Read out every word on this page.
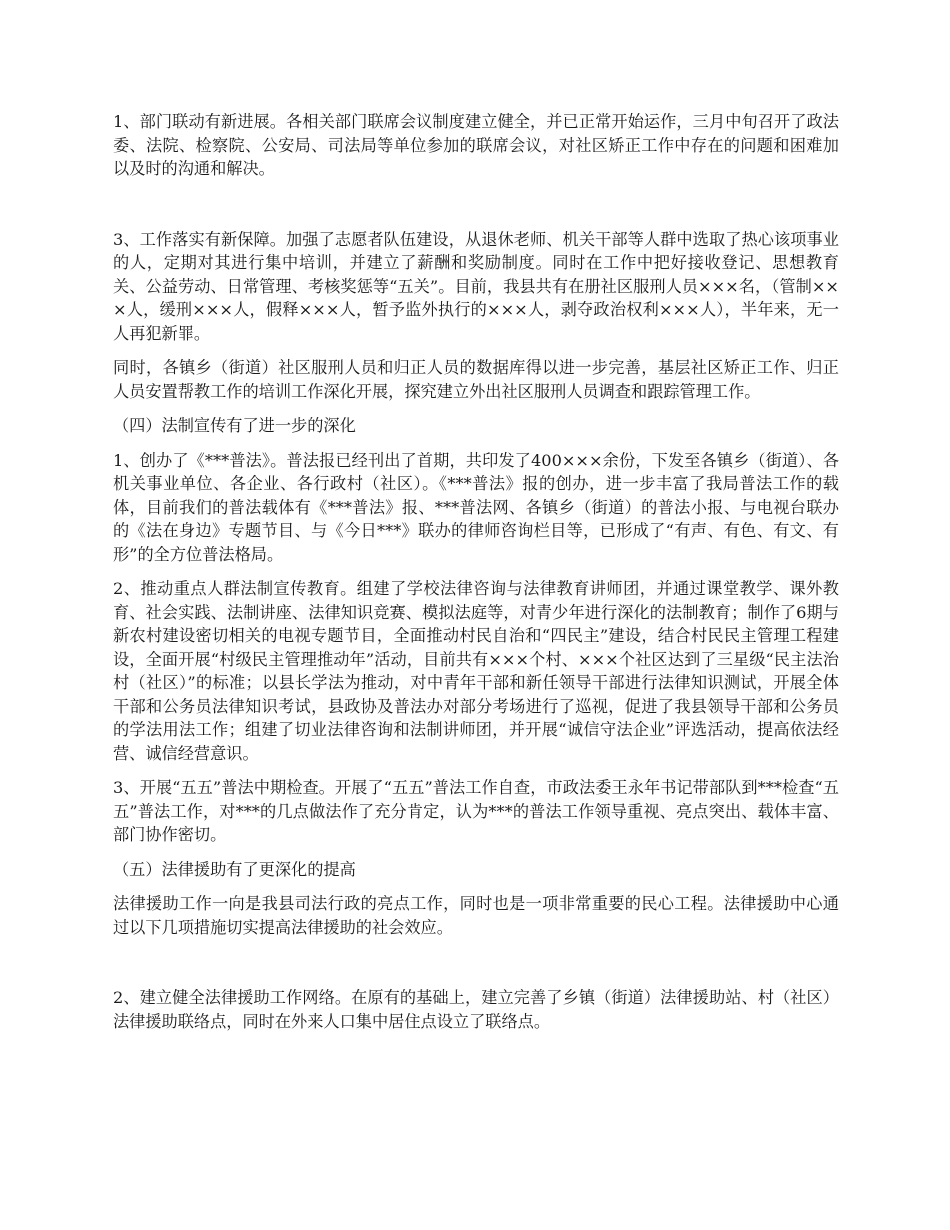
1、部门联动有新进展。各相关部门联席会议制度建立健全，并已正常开始运作，三月中旬召开了政法委、法院、检察院、公安局、司法局等单位参加的联席会议，对社区矫正工作中存在的问题和困难加以及时的沟通和解决。

3、工作落实有新保障。加强了志愿者队伍建设，从退休老师、机关干部等人群中选取了热心该项事业的人，定期对其进行集中培训，并建立了薪酬和奖励制度。同时在工作中把好接收登记、思想教育关、公益劳动、日常管理、考核奖惩等“五关”。目前，我县共有在册社区服刑人员×××名，（管制×××人，缓刑×××人，假释×××人，暂予监外执行的×××人，剥夺政治权利×××人），半年来，无一人再犯新罪。

同时，各镇乡（街道）社区服刑人员和归正人员的数据库得以进一步完善，基层社区矫正工作、归正人员安置帮教工作的培训工作深化开展，探究建立外出社区服刑人员调查和跟踪管理工作。

（四）法制宣传有了进一步的深化

1、创办了《***普法》。普法报已经刊出了首期，共印发了400×××余份，下发至各镇乡（街道）、各机关事业单位、各企业、各行政村（社区）。《***普法》报的创办，进一步丰富了我局普法工作的载体，目前我们的普法载体有《***普法》报、***普法网、各镇乡（街道）的普法小报、与电视台联办的《法在身边》专题节目、与《今日***》联办的律师咨询栏目等，已形成了“有声、有色、有文、有形”的全方位普法格局。

2、推动重点人群法制宣传教育。组建了学校法律咨询与法律教育讲师团，并通过课堂教学、课外教育、社会实践、法制讲座、法律知识竞赛、模拟法庭等，对青少年进行深化的法制教育；制作了6期与新农村建设密切相关的电视专题节目，全面推动村民自治和“四民主”建设，结合村民民主管理工程建设，全面开展“村级民主管理推动年”活动，目前共有×××个村、×××个社区达到了三星级“民主法治村（社区）”的标准；以县长学法为推动，对中青年干部和新任领导干部进行法律知识测试，开展全体干部和公务员法律知识考试，县政协及普法办对部分考场进行了巡视，促进了我县领导干部和公务员的学法用法工作；组建了切业法律咨询和法制讲师团，并开展“诚信守法企业”评选活动，提高依法经营、诚信经营意识。

3、开展“五五”普法中期检查。开展了“五五”普法工作自查，市政法委王永年书记带部队到***检查“五五”普法工作，对***的几点做法作了充分肯定，认为***的普法工作领导重视、亮点突出、载体丰富、部门协作密切。

（五）法律援助有了更深化的提高

法律援助工作一向是我县司法行政的亮点工作，同时也是一项非常重要的民心工程。法律援助中心通过以下几项措施切实提高法律援助的社会效应。

2、建立健全法律援助工作网络。在原有的基础上，建立完善了乡镇（街道）法律援助站、村（社区）法律援助联络点，同时在外来人口集中居住点设立了联络点。
